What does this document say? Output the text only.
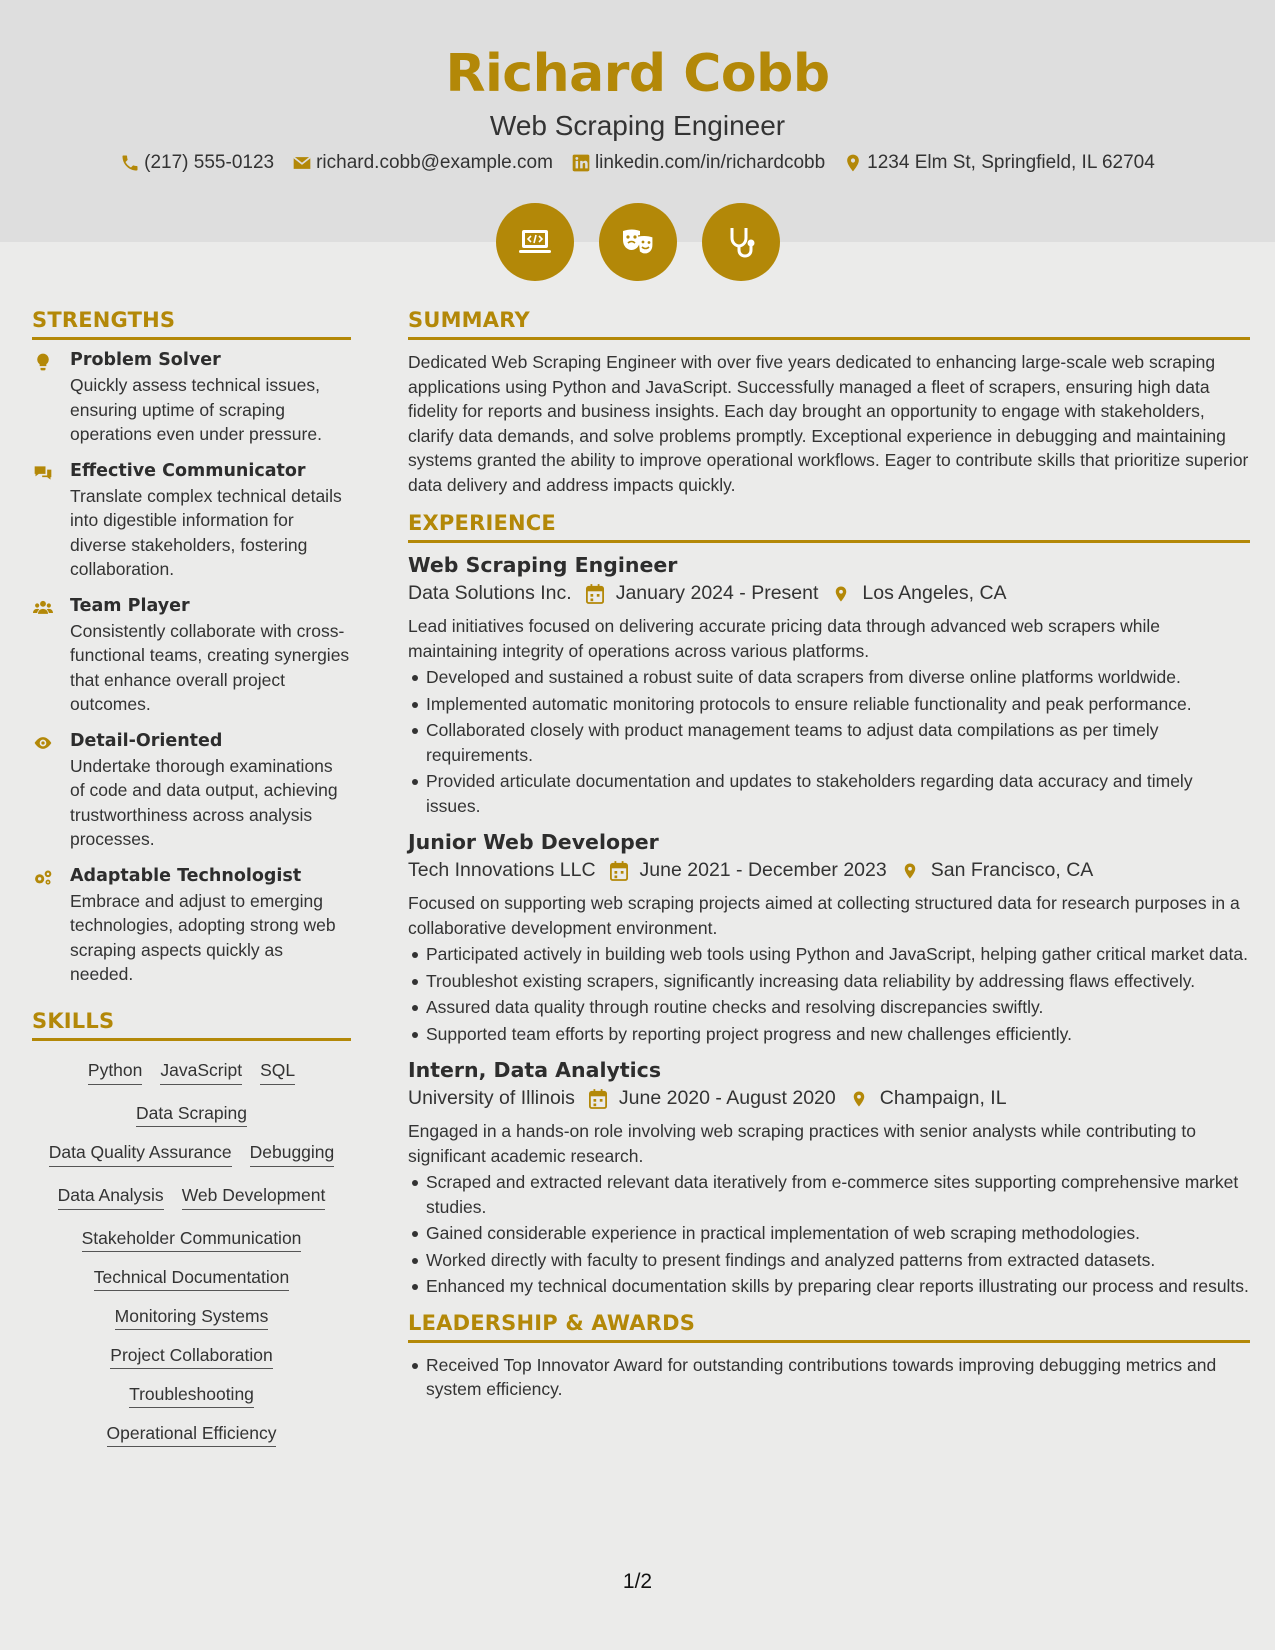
Richard Cobb
Web Scraping Engineer
(217) 555-0123 richard.cobb@example.com linkedin.com/in/richardcobb 1234 Elm St, Springfield, IL 62704
STRENGTHS
Problem Solver
Quickly assess technical issues, ensuring uptime of scraping operations even under pressure.
Effective Communicator
Translate complex technical details into digestible information for diverse stakeholders, fostering collaboration.
Team Player
Consistently collaborate with cross-functional teams, creating synergies that enhance overall project outcomes.
Detail-Oriented
Undertake thorough examinations of code and data output, achieving trustworthiness across analysis processes.
Adaptable Technologist
Embrace and adjust to emerging technologies, adopting strong web scraping aspects quickly as needed.
SKILLS
Python JavaScript SQL
Data Scraping
Data Quality Assurance Debugging
Data Analysis Web Development
Stakeholder Communication
Technical Documentation
Monitoring Systems
Project Collaboration
Troubleshooting
Operational Efficiency
SUMMARY
Dedicated Web Scraping Engineer with over five years dedicated to enhancing large-scale web scraping applications using Python and JavaScript. Successfully managed a fleet of scrapers, ensuring high data fidelity for reports and business insights. Each day brought an opportunity to engage with stakeholders, clarify data demands, and solve problems promptly. Exceptional experience in debugging and maintaining systems granted the ability to improve operational workflows. Eager to contribute skills that prioritize superior data delivery and address impacts quickly.
EXPERIENCE
Web Scraping Engineer
Data Solutions Inc. January 2024 - Present Los Angeles, CA
Lead initiatives focused on delivering accurate pricing data through advanced web scrapers while maintaining integrity of operations across various platforms.
Developed and sustained a robust suite of data scrapers from diverse online platforms worldwide.
Implemented automatic monitoring protocols to ensure reliable functionality and peak performance.
Collaborated closely with product management teams to adjust data compilations as per timely requirements.
Provided articulate documentation and updates to stakeholders regarding data accuracy and timely issues.
Junior Web Developer
Tech Innovations LLC June 2021 - December 2023 San Francisco, CA
Focused on supporting web scraping projects aimed at collecting structured data for research purposes in a collaborative development environment.
Participated actively in building web tools using Python and JavaScript, helping gather critical market data.
Troubleshot existing scrapers, significantly increasing data reliability by addressing flaws effectively.
Assured data quality through routine checks and resolving discrepancies swiftly.
Supported team efforts by reporting project progress and new challenges efficiently.
Intern, Data Analytics
University of Illinois June 2020 - August 2020 Champaign, IL
Engaged in a hands-on role involving web scraping practices with senior analysts while contributing to significant academic research.
Scraped and extracted relevant data iteratively from e-commerce sites supporting comprehensive market studies.
Gained considerable experience in practical implementation of web scraping methodologies.
Worked directly with faculty to present findings and analyzed patterns from extracted datasets.
Enhanced my technical documentation skills by preparing clear reports illustrating our process and results.
LEADERSHIP & AWARDS
Received Top Innovator Award for outstanding contributions towards improving debugging metrics and system efficiency.
1/2
